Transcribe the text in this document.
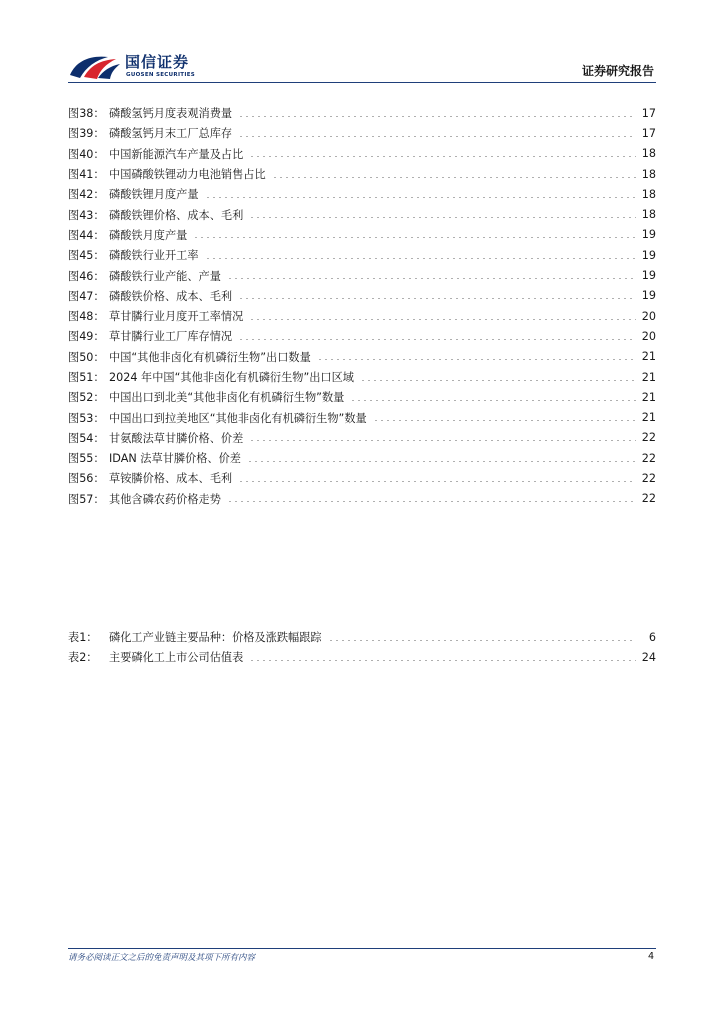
国信证券
GUOSEN SECURITIES	证券研究报告
图38： 磷酸氢钙月度表观消费量	17
图39： 磷酸氢钙月末工厂总库存	17
图40： 中国新能源汽车产量及占比	18
图41： 中国磷酸铁锂动力电池销售占比	18
图42： 磷酸铁锂月度产量	18
图43： 磷酸铁锂价格、成本、毛利	18
图44： 磷酸铁月度产量	19
图45： 磷酸铁行业开工率	19
图46： 磷酸铁行业产能、产量	19
图47： 磷酸铁价格、成本、毛利	19
图48： 草甘膦行业月度开工率情况	20
图49： 草甘膦行业工厂库存情况	20
图50： 中国“其他非卤化有机磷衍生物”出口数量	21
图51： 2024 年中国“其他非卤化有机磷衍生物”出口区域	21
图52： 中国出口到北美“其他非卤化有机磷衍生物”数量	21
图53： 中国出口到拉美地区“其他非卤化有机磷衍生物”数量	21
图54： 甘氨酸法草甘膦价格、价差	22
图55： IDAN 法草甘膦价格、价差	22
图56： 草铵膦价格、成本、毛利	22
图57： 其他含磷农药价格走势	22
表1：	磷化工产业链主要品种：价格及涨跌幅跟踪	6
表2：	主要磷化工上市公司估值表	24
请务必阅读正文之后的免责声明及其项下所有内容	4
